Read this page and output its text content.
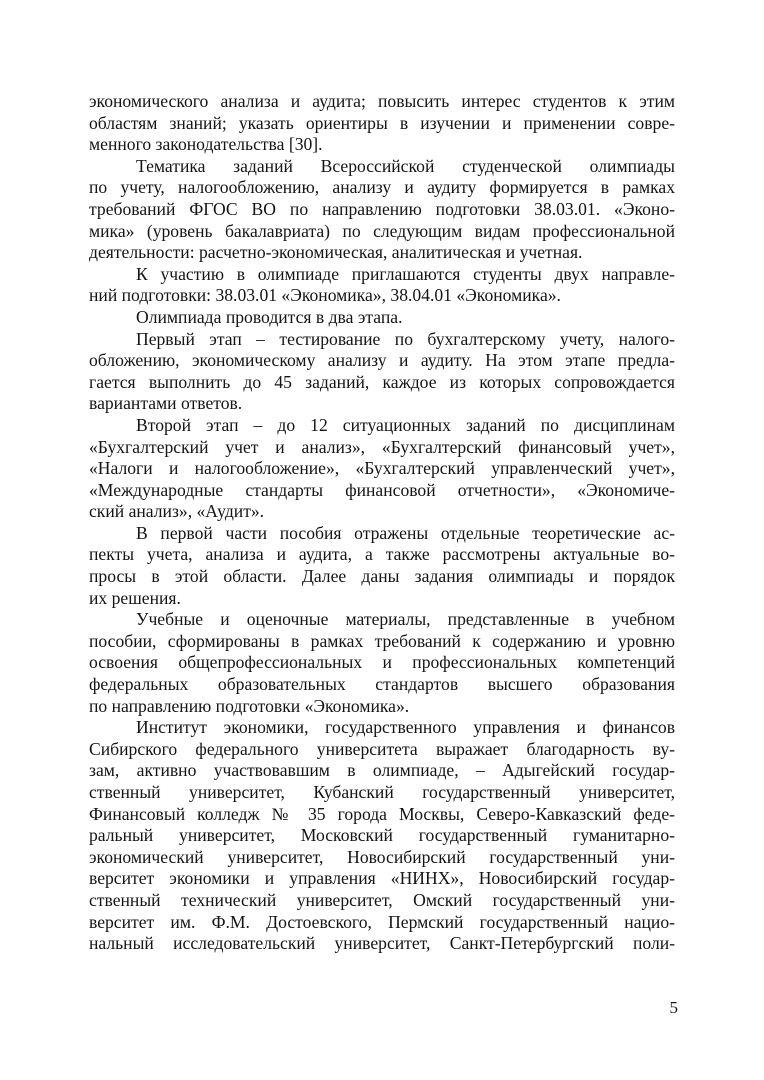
экономического анализа и аудита; повысить интерес студентов к этим
областям знаний; указать ориентиры в изучении и применении совре-
менного законодательства [30].
Тематика заданий Всероссийской студенческой олимпиады
по учету, налогообложению, анализу и аудиту формируется в рамках
требований ФГОС ВО по направлению подготовки 38.03.01. «Эконо-
мика» (уровень бакалавриата) по следующим видам профессиональной
деятельности: расчетно-экономическая, аналитическая и учетная.
К участию в олимпиаде приглашаются студенты двух направле-
ний подготовки: 38.03.01 «Экономика», 38.04.01 «Экономика».
Олимпиада проводится в два этапа.
Первый этап – тестирование по бухгалтерскому учету, налого-
обложению, экономическому анализу и аудиту. На этом этапе предла-
гается выполнить до 45 заданий, каждое из которых сопровождается
вариантами ответов.
Второй этап – до 12 ситуационных заданий по дисциплинам
«Бухгалтерский учет и анализ», «Бухгалтерский финансовый учет»,
«Налоги и налогообложение», «Бухгалтерский управленческий учет»,
«Международные стандарты финансовой отчетности», «Экономиче-
ский анализ», «Аудит».
В первой части пособия отражены отдельные теоретические ас-
пекты учета, анализа и аудита, а также рассмотрены актуальные во-
просы в этой области. Далее даны задания олимпиады и порядок
их решения.
Учебные и оценочные материалы, представленные в учебном
пособии, сформированы в рамках требований к содержанию и уровню
освоения общепрофессиональных и профессиональных компетенций
федеральных образовательных стандартов высшего образования
по направлению подготовки «Экономика».
Институт экономики, государственного управления и финансов
Сибирского федерального университета выражает благодарность ву-
зам, активно участвовавшим в олимпиаде, – Адыгейский государ-
ственный университет, Кубанский государственный университет,
Финансовый колледж № 35 города Москвы, Северо-Кавказский феде-
ральный университет, Московский государственный гуманитарно-
экономический университет, Новосибирский государственный уни-
верситет экономики и управления «НИНХ», Новосибирский государ-
ственный технический университет, Омский государственный уни-
верситет им. Ф.М. Достоевского, Пермский государственный нацио-
нальный исследовательский университет, Санкт-Петербургский поли-
5
